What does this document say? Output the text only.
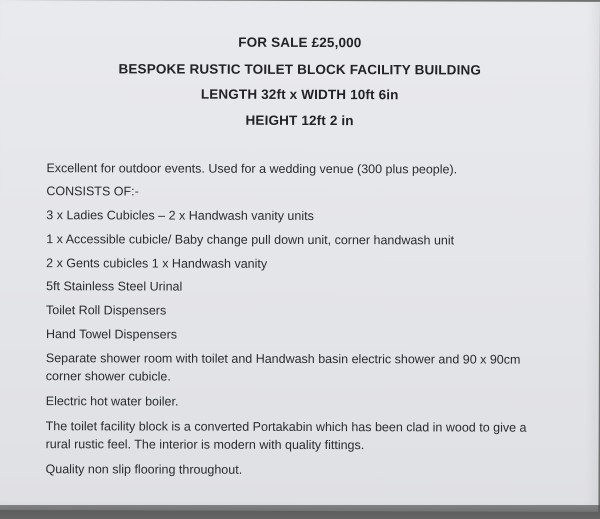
FOR SALE £25,000
BESPOKE RUSTIC TOILET BLOCK FACILITY BUILDING
LENGTH 32ft x WIDTH 10ft 6in
HEIGHT 12ft 2 in
Excellent for outdoor events. Used for a wedding venue (300 plus people).
CONSISTS OF:-
3 x Ladies Cubicles – 2 x Handwash vanity units
1 x Accessible cubicle/ Baby change pull down unit, corner handwash unit
2 x Gents cubicles 1 x Handwash vanity
5ft Stainless Steel Urinal
Toilet Roll Dispensers
Hand Towel Dispensers
Separate shower room with toilet and Handwash basin electric shower and 90 x 90cm
corner shower cubicle.
Electric hot water boiler.
The toilet facility block is a converted Portakabin which has been clad in wood to give a
rural rustic feel. The interior is modern with quality fittings.
Quality non slip flooring throughout.
